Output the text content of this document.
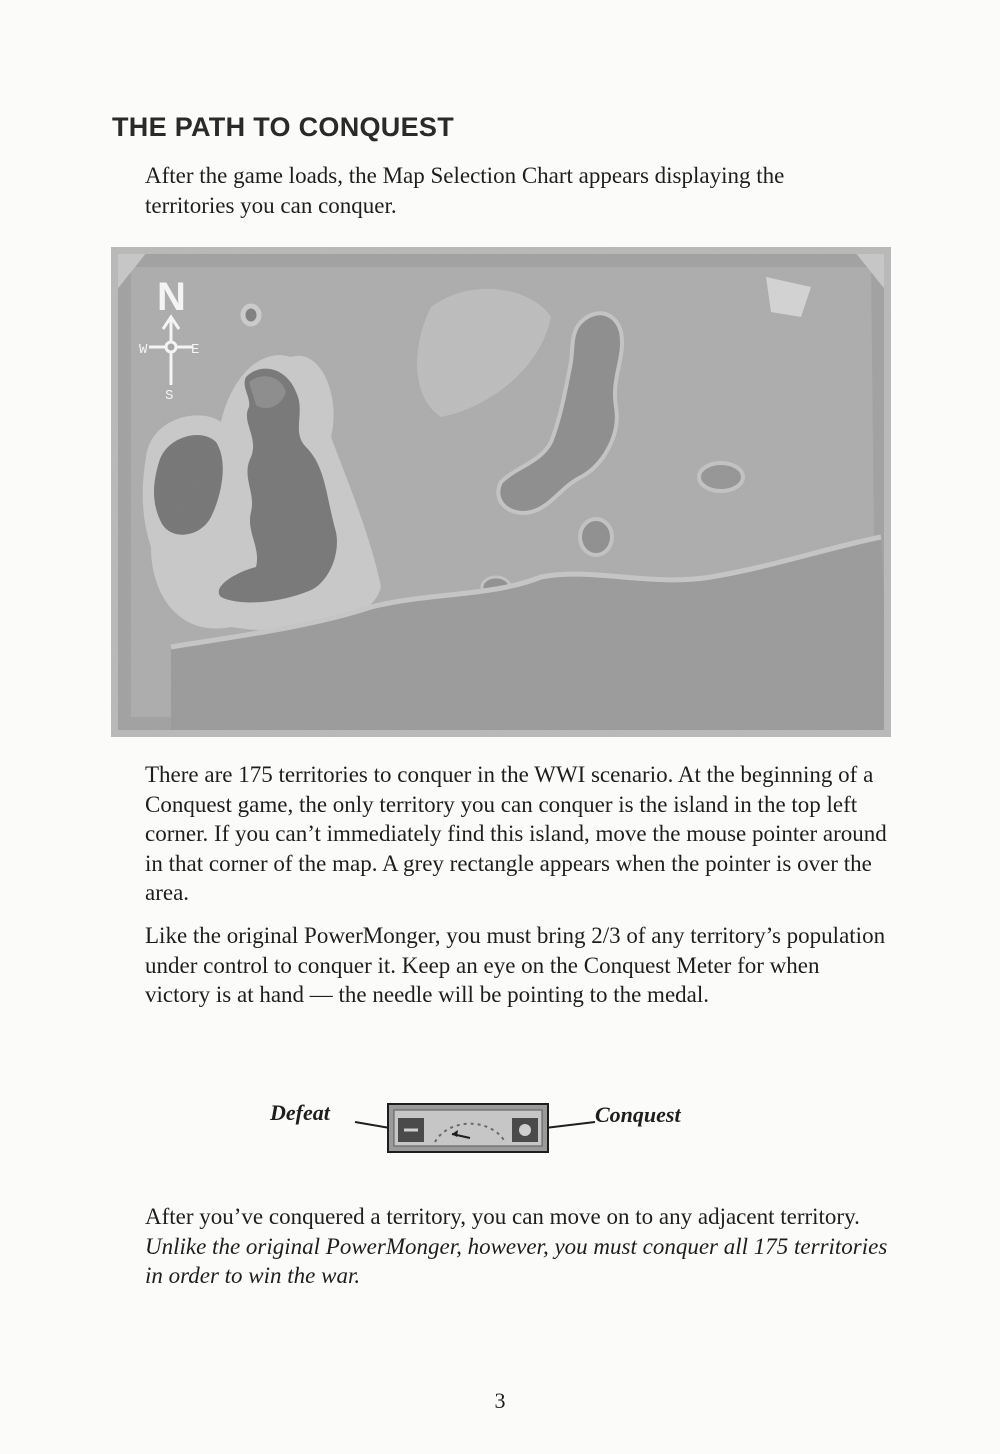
THE PATH TO CONQUEST

After the game loads, the Map Selection Chart appears displaying the territories you can conquer.

N
W	E
S

There are 175 territories to conquer in the WWI scenario. At the beginning of a Conquest game, the only territory you can conquer is the island in the top left corner. If you can’t immediately find this island, move the mouse pointer around in that corner of the map. A grey rectangle appears when the pointer is over the area.

Like the original PowerMonger, you must bring 2/3 of any territory’s population under control to conquer it. Keep an eye on the Conquest Meter for when victory is at hand — the needle will be pointing to the medal.

Defeat	Conquest

After you’ve conquered a territory, you can move on to any adjacent territory. Unlike the original PowerMonger, however, you must conquer all 175 territories in order to win the war.

3
